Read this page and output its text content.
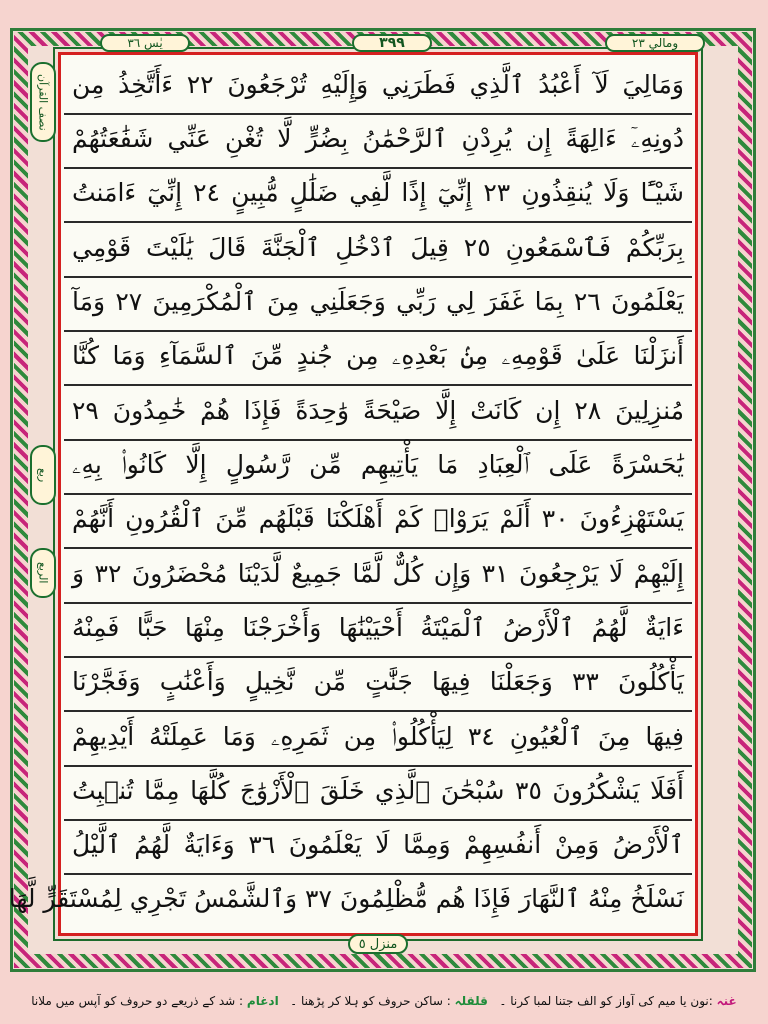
يٰس ٣٦	٣٩٩	ومالي ٢٣
نصف القرآن
ربع
الربع
وَمَالِيَ لَآ أَعْبُدُ ٱلَّذِي فَطَرَنِي وَإِلَيْهِ تُرْجَعُونَ ٢٢ ءَأَتَّخِذُ مِن
دُونِهِۦٓ ءَالِهَةً إِن يُرِدْنِ ٱلرَّحْمَٰنُ بِضُرٍّ لَّا تُغْنِ عَنِّي شَفَٰعَتُهُمْ
شَيْـًٔا وَلَا يُنقِذُونِ ٢٣ إِنِّيٓ إِذًا لَّفِي ضَلَٰلٍ مُّبِينٍ ٢٤ إِنِّيٓ ءَامَنتُ
بِرَبِّكُمْ فَٱسْمَعُونِ ٢٥ قِيلَ ٱدْخُلِ ٱلْجَنَّةَ قَالَ يَٰلَيْتَ قَوْمِي
يَعْلَمُونَ ٢٦ بِمَا غَفَرَ لِي رَبِّي وَجَعَلَنِي مِنَ ٱلْمُكْرَمِينَ ٢٧ وَمَآ
أَنزَلْنَا عَلَىٰ قَوْمِهِۦ مِنۢ بَعْدِهِۦ مِن جُندٍ مِّنَ ٱلسَّمَآءِ وَمَا كُنَّا
مُنزِلِينَ ٢٨ إِن كَانَتْ إِلَّا صَيْحَةً وَٰحِدَةً فَإِذَا هُمْ خَٰمِدُونَ ٢٩
يَٰحَسْرَةً عَلَى ٱلْعِبَادِ مَا يَأْتِيهِم مِّن رَّسُولٍ إِلَّا كَانُوا۟ بِهِۦ
يَسْتَهْزِءُونَ ٣٠ أَلَمْ يَرَوْا۟ كَمْ أَهْلَكْنَا قَبْلَهُم مِّنَ ٱلْقُرُونِ أَنَّهُمْ
إِلَيْهِمْ لَا يَرْجِعُونَ ٣١ وَإِن كُلٌّ لَّمَّا جَمِيعٌ لَّدَيْنَا مُحْضَرُونَ ٣٢ وَ
ءَايَةٌ لَّهُمُ ٱلْأَرْضُ ٱلْمَيْتَةُ أَحْيَيْنَٰهَا وَأَخْرَجْنَا مِنْهَا حَبًّا فَمِنْهُ
يَأْكُلُونَ ٣٣ وَجَعَلْنَا فِيهَا جَنَّٰتٍ مِّن نَّخِيلٍ وَأَعْنَٰبٍ وَفَجَّرْنَا
فِيهَا مِنَ ٱلْعُيُونِ ٣٤ لِيَأْكُلُوا۟ مِن ثَمَرِهِۦ وَمَا عَمِلَتْهُ أَيْدِيهِمْ
أَفَلَا يَشْكُرُونَ ٣٥ سُبْحَٰنَ ٱلَّذِي خَلَقَ ٱلْأَزْوَٰجَ كُلَّهَا مِمَّا تُنۢبِتُ
ٱلْأَرْضُ وَمِنْ أَنفُسِهِمْ وَمِمَّا لَا يَعْلَمُونَ ٣٦ وَءَايَةٌ لَّهُمُ ٱلَّيْلُ
نَسْلَخُ مِنْهُ ٱلنَّهَارَ فَإِذَا هُم مُّظْلِمُونَ ٣٧ وَٱلشَّمْسُ تَجْرِي لِمُسْتَقَرٍّ لَّهَا
منزل ٥
غنہ :نون یا میم کی آواز کو الف جتنا لمبا کرنا ۔   قلقلہ : ساکن حروف کو ہلا کر پڑھنا ۔   ادغام : شد کے ذریعے دو حروف کو آپس میں ملانا
